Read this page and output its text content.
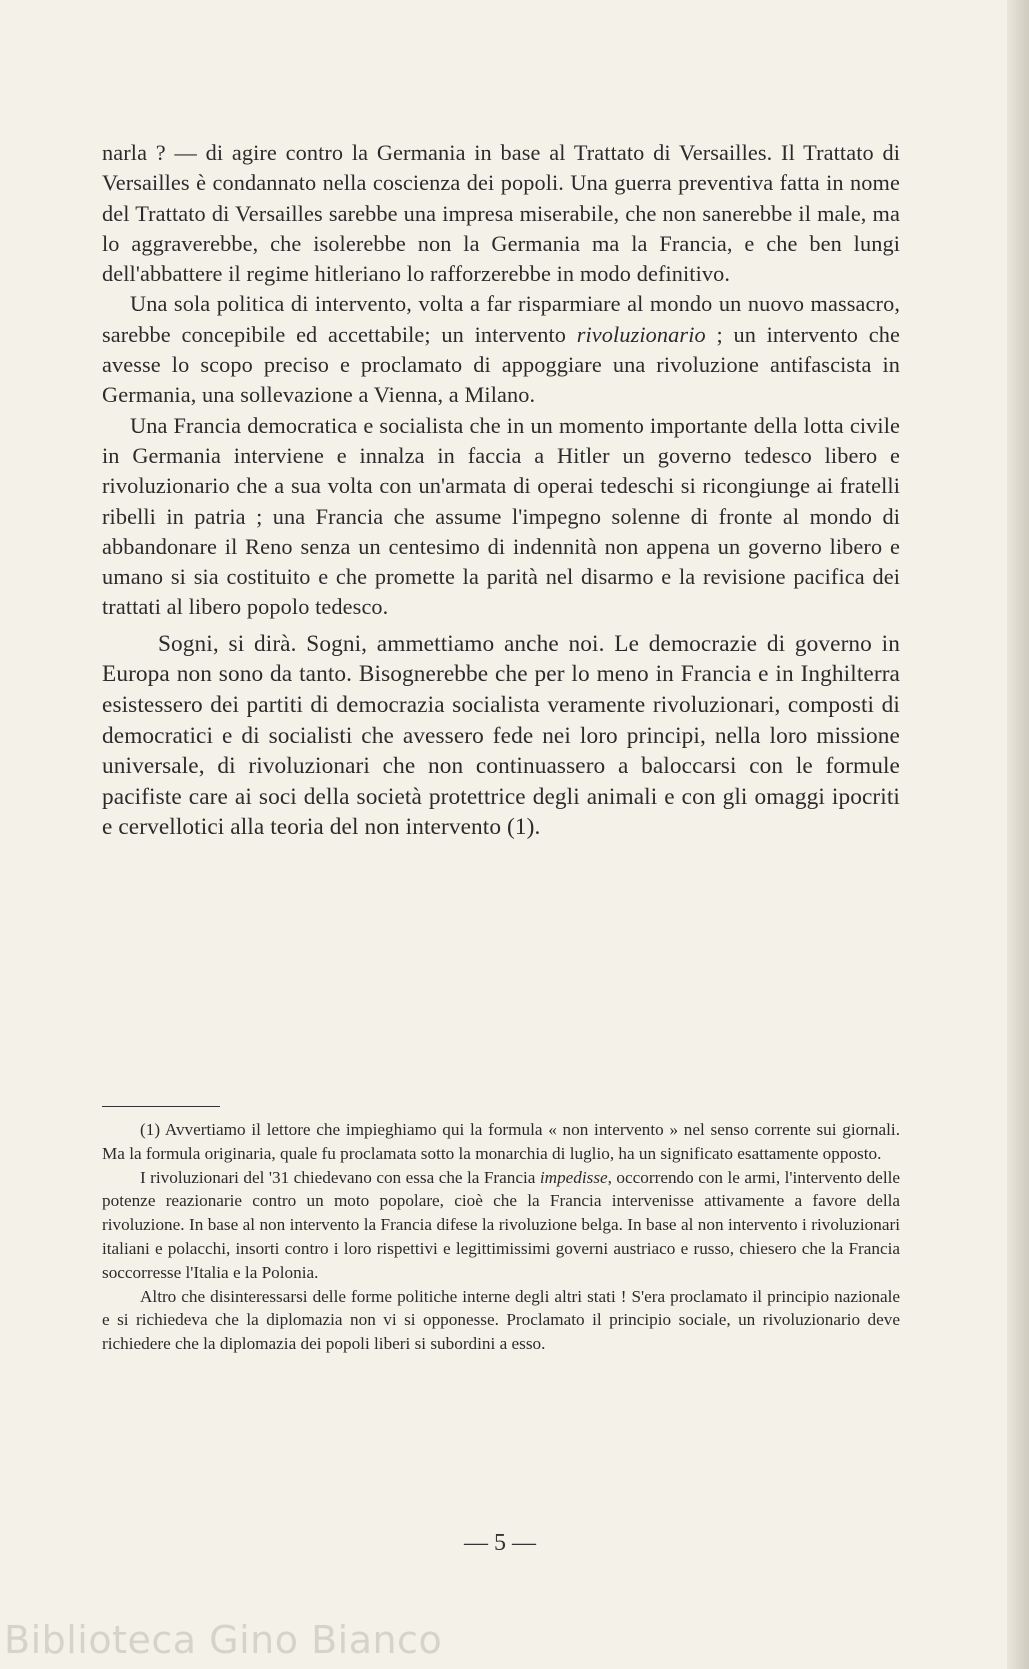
narla ? — di agire contro la Germania in base al Trattato di Versailles. Il Trattato di Versailles è condannato nella coscienza dei popoli. Una guerra preventiva fatta in nome del Trattato di Versailles sarebbe una impresa miserabile, che non sanerebbe il male, ma lo aggraverebbe, che isolerebbe non la Germania ma la Francia, e che ben lungi dell'abbattere il regime hitleriano lo rafforzerebbe in modo definitivo.

Una sola politica di intervento, volta a far risparmiare al mondo un nuovo massacro, sarebbe concepibile ed accettabile; un intervento rivoluzionario ; un intervento che avesse lo scopo preciso e proclamato di appoggiare una rivoluzione antifascista in Germania, una sollevazione a Vienna, a Milano.

Una Francia democratica e socialista che in un momento importante della lotta civile in Germania interviene e innalza in faccia a Hitler un governo tedesco libero e rivoluzionario che a sua volta con un'armata di operai tedeschi si ricongiunge ai fratelli ribelli in patria ; una Francia che assume l'impegno solenne di fronte al mondo di abbandonare il Reno senza un centesimo di indennità non appena un governo libero e umano si sia costituito e che promette la parità nel disarmo e la revisione pacifica dei trattati al libero popolo tedesco.

Sogni, si dirà. Sogni, ammettiamo anche noi. Le democrazie di governo in Europa non sono da tanto. Bisognerebbe che per lo meno in Francia e in Inghilterra esistessero dei partiti di democrazia socialista veramente rivoluzionari, composti di democratici e di socialisti che avessero fede nei loro principi, nella loro missione universale, di rivoluzionari che non continuassero a baloccarsi con le formule pacifiste care ai soci della società protettrice degli animali e con gli omaggi ipocriti e cervellotici alla teoria del non intervento (1).

(1) Avvertiamo il lettore che impieghiamo qui la formula « non intervento » nel senso corrente sui giornali. Ma la formula originaria, quale fu proclamata sotto la monarchia di luglio, ha un significato esattamente opposto.

I rivoluzionari del '31 chiedevano con essa che la Francia impedisse, occorrendo con le armi, l'intervento delle potenze reazionarie contro un moto popolare, cioè che la Francia intervenisse attivamente a favore della rivoluzione. In base al non intervento la Francia difese la rivoluzione belga. In base al non intervento i rivoluzionari italiani e polacchi, insorti contro i loro rispettivi e legittimissimi governi austriaco e russo, chiesero che la Francia soccorresse l'Italia e la Polonia.

Altro che disinteressarsi delle forme politiche interne degli altri stati ! S'era proclamato il principio nazionale e si richiedeva che la diplomazia non vi si opponesse. Proclamato il principio sociale, un rivoluzionario deve richiedere che la diplomazia dei popoli liberi si subordini a esso.

— 5 —
Biblioteca Gino Bianco
